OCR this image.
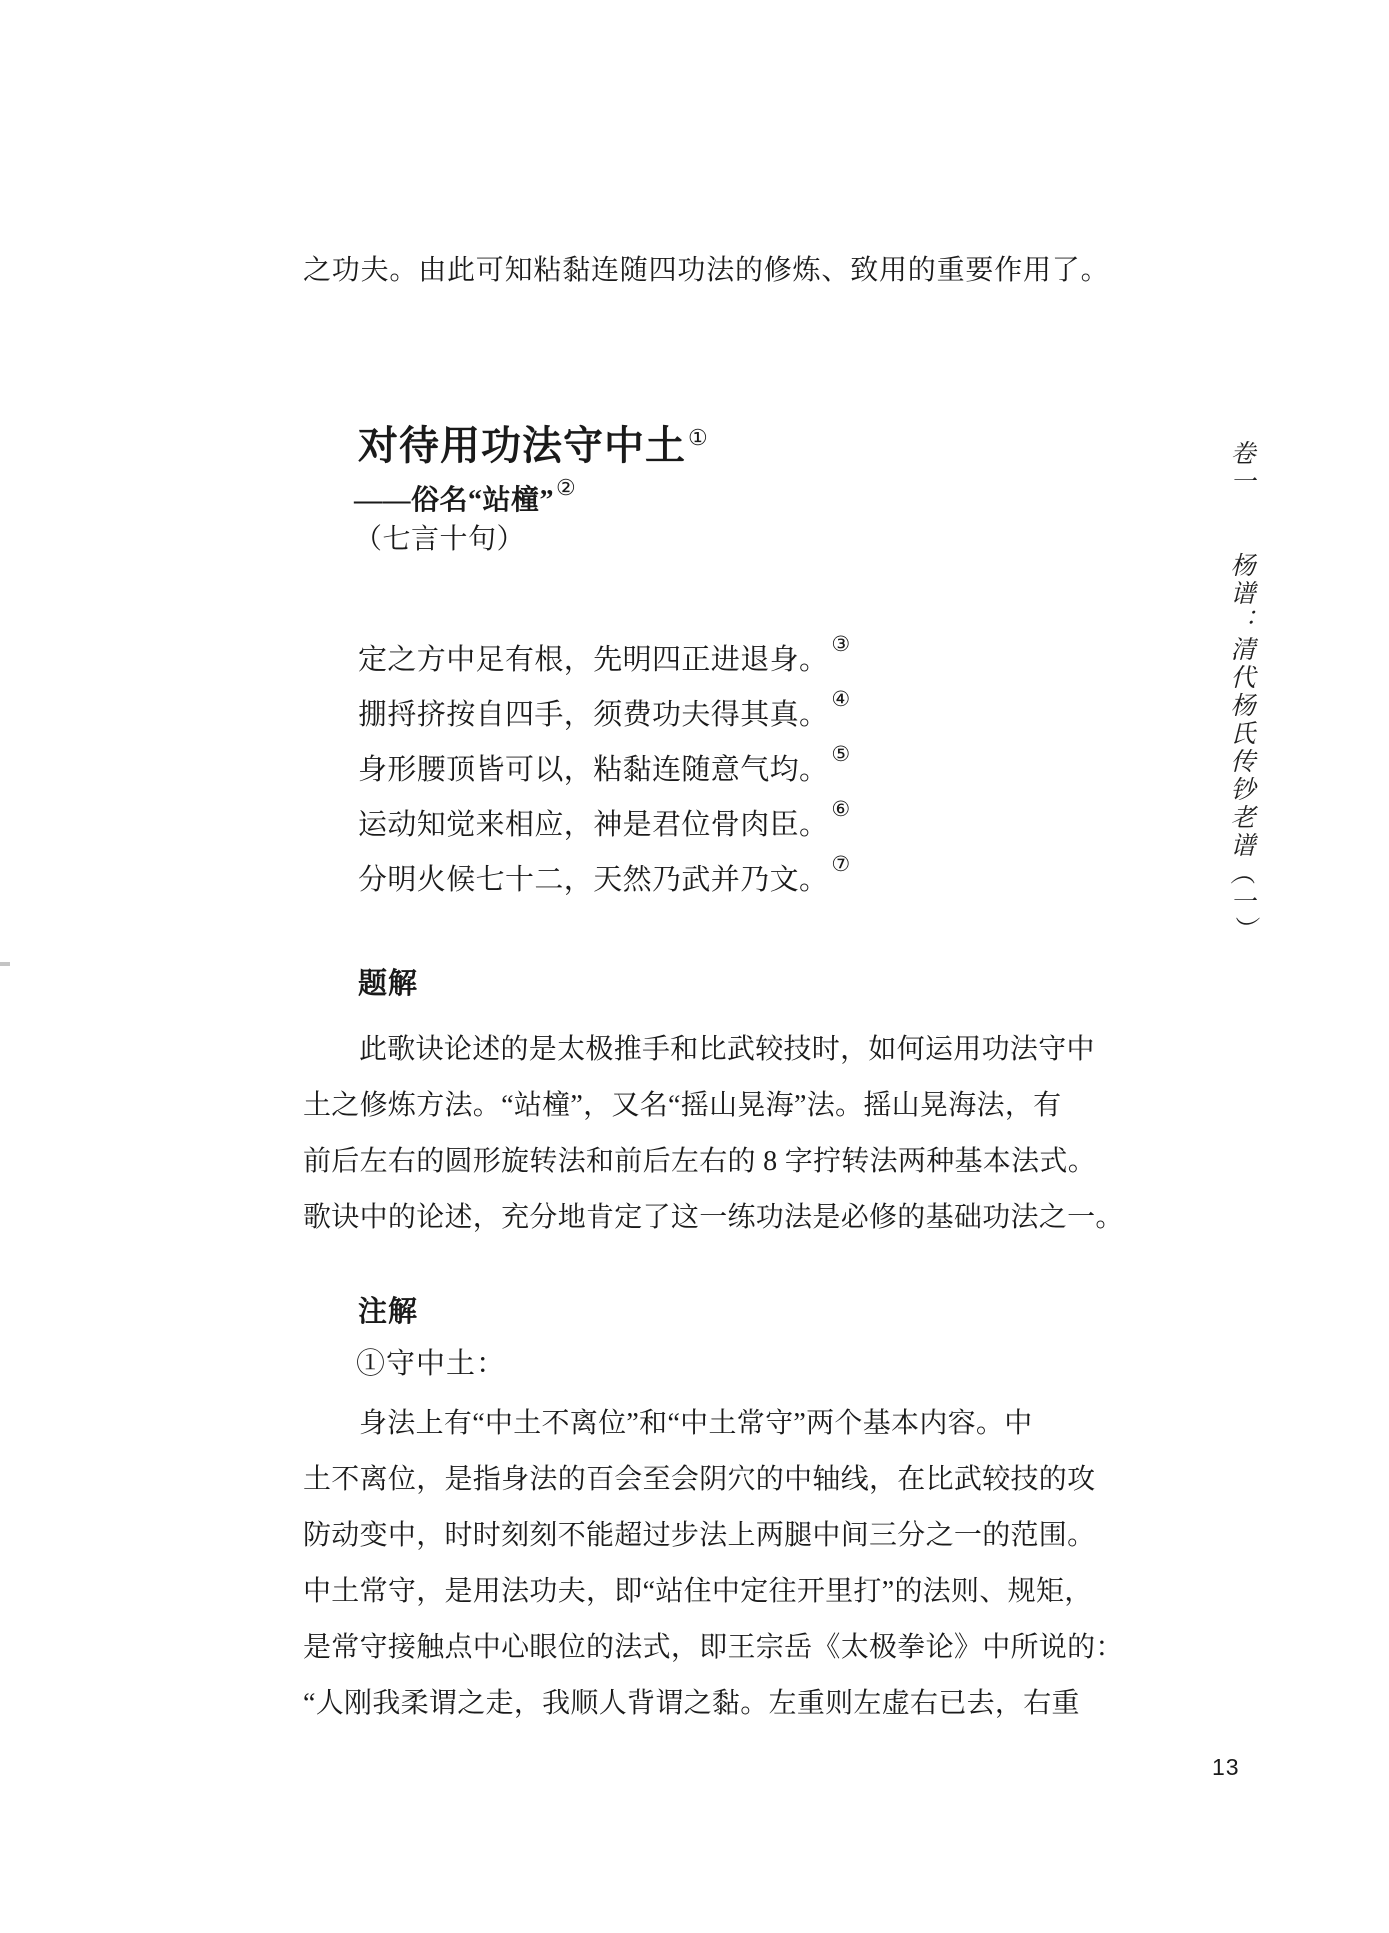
之功夫。由此可知粘黏连随四功法的修炼、致用的重要作用了。
对待用功法守中土①
——俗名“站橦”②
（七言十句）
定之方中足有根，先明四正进退身。 ③
掤捋挤按自四手，须费功夫得其真。 ④
身形腰顶皆可以，粘黏连随意气均。 ⑤
运动知觉来相应，神是君位骨肉臣。 ⑥
分明火候七十二，天然乃武并乃文。 ⑦
题解
此歌诀论述的是太极推手和比武较技时，如何运用功法守中
土之修炼方法。“站橦”，又名“摇山晃海”法。摇山晃海法，有
前后左右的圆形旋转法和前后左右的 8 字拧转法两种基本法式。
歌诀中的论述，充分地肯定了这一练功法是必修的基础功法之一。
注解
①守中土：
身法上有“中土不离位”和“中土常守”两个基本内容。中
土不离位，是指身法的百会至会阴穴的中轴线，在比武较技的攻
防动变中，时时刻刻不能超过步法上两腿中间三分之一的范围。
中土常守，是用法功夫，即“站住中定往开里打”的法则、规矩，
是常守接触点中心眼位的法式，即王宗岳《太极拳论》中所说的：
“人刚我柔谓之走，我顺人背谓之黏。左重则左虚右已去，右重
卷一　　杨谱：清代杨氏传钞老谱（一）
13
